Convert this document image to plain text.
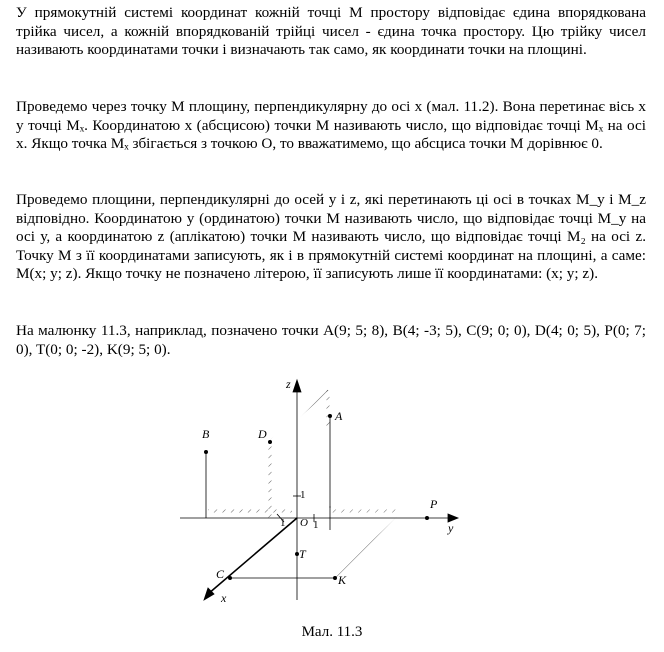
У прямокутній системі координат кожній точці М простору відповідає єдина впорядкована трійка чисел, а кожній впорядкованій трійці чисел - єдина точка простору. Цю трійку чисел називають координатами точки і визначають так само, як координати точки на площині.

Проведемо через точку М площину, перпендикулярну до осі х (мал. 11.2). Вона перетинає вісь х у точці Mₓ. Координатою х (абсцисою) точки М називають число, що відповідає точці Mₓ на осі х. Якщо точка Mₓ збігається з точкою О, то вважатимемо, що абсциса точки М дорівнює 0.

Проведемо площини, перпендикулярні до осей у і z, які перетинають ці осі в точках M_y і M_z відповідно. Координатою у (ординатою) точки М називають число, що відповідає точці M_y на осі у, а координатою z (аплікатою) точки М називають число, що відповідає точці M₂ на осі z. Точку М з її координатами записують, як і в прямокутній системі координат на площині, а саме: M(x; y; z). Якщо точку не позначено літерою, її записують лише її координатами: (x; y; z).

На малюнку 11.3, наприклад, позначено точки A(9; 5; 8), B(4; -3; 5), C(9; 0; 0), D(4; 0; 5), P(0; 7; 0), T(0; 0; -2), K(9; 5; 0).

z
y
x
B	D
A
P
T
C	K
O
1
1
1
Мал. 11.3
